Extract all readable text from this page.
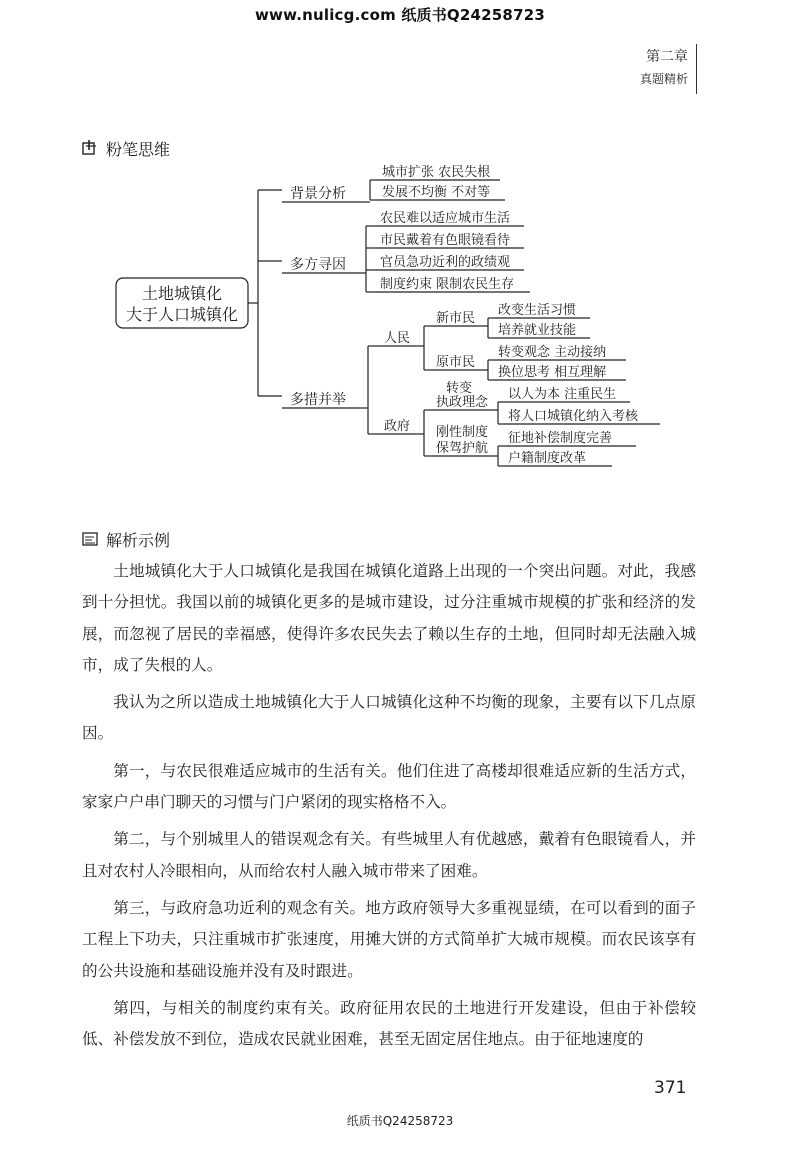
www.nulicg.com 纸质书Q24258723
第二章
真题精析
粉笔思维
土地城镇化
大于人口城镇化
背景分析
多方寻因
多措并举
城市扩张 农民失根
发展不均衡 不对等
农民难以适应城市生活
市民戴着有色眼镜看待
官员急功近利的政绩观
制度约束 限制农民生存
人民
政府
新市民
原市民
改变生活习惯
培养就业技能
转变观念 主动接纳
换位思考 相互理解
转变
执政理念
刚性制度
保驾护航
以人为本 注重民生
将人口城镇化纳入考核
征地补偿制度完善
户籍制度改革
解析示例

土地城镇化大于人口城镇化是我国在城镇化道路上出现的一个突出问题。对此，我感到十分担忧。我国以前的城镇化更多的是城市建设，过分注重城市规模的扩张和经济的发展，而忽视了居民的幸福感，使得许多农民失去了赖以生存的土地，但同时却无法融入城市，成了失根的人。

我认为之所以造成土地城镇化大于人口城镇化这种不均衡的现象，主要有以下几点原因。

第一，与农民很难适应城市的生活有关。他们住进了高楼却很难适应新的生活方式，家家户户串门聊天的习惯与门户紧闭的现实格格不入。

第二，与个别城里人的错误观念有关。有些城里人有优越感，戴着有色眼镜看人，并且对农村人冷眼相向，从而给农村人融入城市带来了困难。

第三，与政府急功近利的观念有关。地方政府领导大多重视显绩，在可以看到的面子工程上下功夫，只注重城市扩张速度，用摊大饼的方式简单扩大城市规模。而农民该享有的公共设施和基础设施并没有及时跟进。

第四，与相关的制度约束有关。政府征用农民的土地进行开发建设，但由于补偿较低、补偿发放不到位，造成农民就业困难，甚至无固定居住地点。由于征地速度的

371
纸质书Q24258723
